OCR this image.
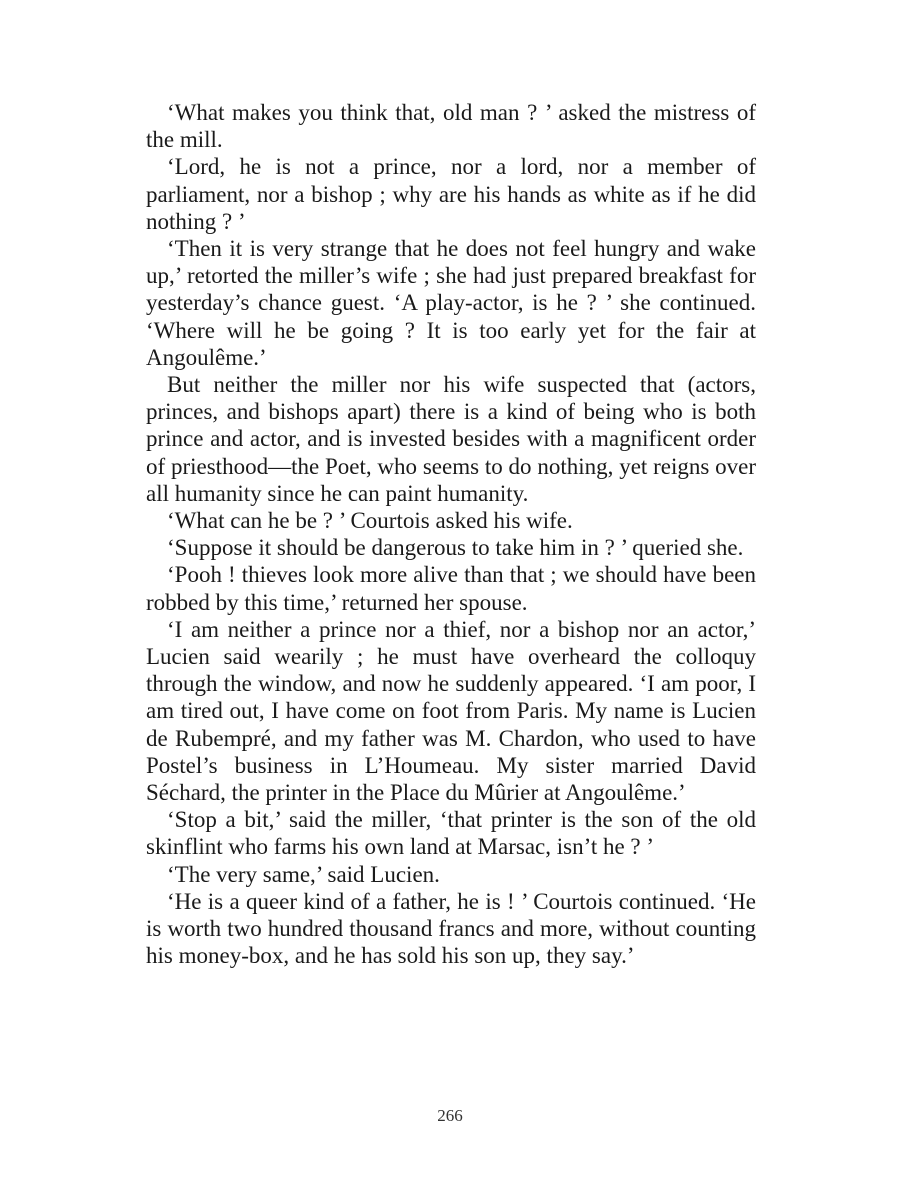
‘What makes you think that, old man ? ’ asked the mistress of the mill.

‘Lord, he is not a prince, nor a lord, nor a member of parliament, nor a bishop ; why are his hands as white as if he did nothing ? ’

‘Then it is very strange that he does not feel hungry and wake up,’ retorted the miller’s wife ; she had just prepared breakfast for yesterday’s chance guest. ‘A play-actor, is he ? ’ she continued. ‘Where will he be going ? It is too early yet for the fair at Angoulême.’

But neither the miller nor his wife suspected that (actors, princes, and bishops apart) there is a kind of being who is both prince and actor, and is invested besides with a magnificent order of priesthood—the Poet, who seems to do nothing, yet reigns over all humanity since he can paint humanity.

‘What can he be ? ’ Courtois asked his wife.

‘Suppose it should be dangerous to take him in ? ’ queried she.

‘Pooh ! thieves look more alive than that ; we should have been robbed by this time,’ returned her spouse.

‘I am neither a prince nor a thief, nor a bishop nor an actor,’ Lucien said wearily ; he must have overheard the colloquy through the window, and now he suddenly appeared. ‘I am poor, I am tired out, I have come on foot from Paris. My name is Lucien de Rubempré, and my father was M. Chardon, who used to have Postel’s business in L’Houmeau. My sister married David Séchard, the printer in the Place du Mûrier at Angoulême.’

‘Stop a bit,’ said the miller, ‘that printer is the son of the old skinflint who farms his own land at Marsac, isn’t he ? ’

‘The very same,’ said Lucien.

‘He is a queer kind of a father, he is ! ’ Courtois continued. ‘He is worth two hundred thousand francs and more, without counting his money-box, and he has sold his son up, they say.’

266
